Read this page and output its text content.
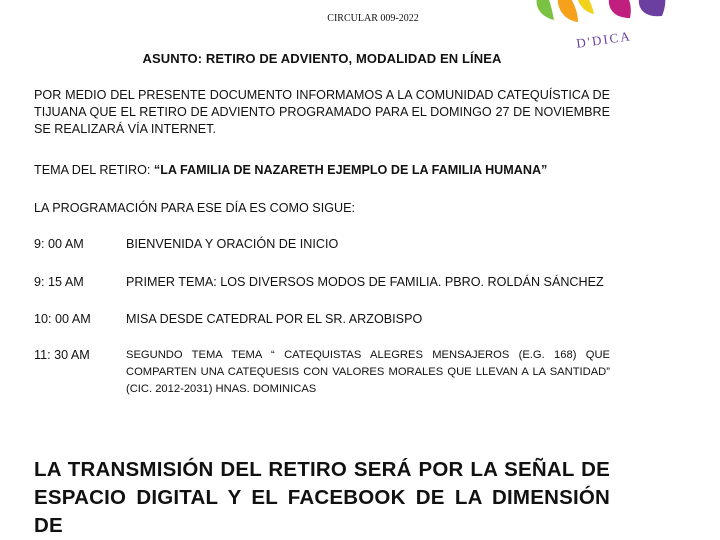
CIRCULAR 009-2022
D'DICA
ASUNTO: RETIRO DE ADVIENTO, MODALIDAD EN LÍNEA
POR MEDIO DEL PRESENTE DOCUMENTO INFORMAMOS A LA COMUNIDAD CATEQUÍSTICA DE TIJUANA QUE EL RETIRO DE ADVIENTO PROGRAMADO PARA EL DOMINGO 27 DE NOVIEMBRE SE REALIZARÁ VÍA INTERNET.
TEMA DEL RETIRO: “LA FAMILIA DE NAZARETH EJEMPLO DE LA FAMILIA HUMANA”
LA PROGRAMACIÓN PARA ESE DÍA ES COMO SIGUE:
9: 00 AM	BIENVENIDA Y ORACIÓN DE INICIO
9: 15 AM	PRIMER TEMA: LOS DIVERSOS MODOS DE FAMILIA. PBRO. ROLDÁN SÁNCHEZ
10: 00 AM	MISA DESDE CATEDRAL POR EL SR. ARZOBISPO
11: 30 AM	SEGUNDO TEMA TEMA “ CATEQUISTAS ALEGRES MENSAJEROS (E.G. 168) QUE COMPARTEN UNA CATEQUESIS CON VALORES MORALES QUE LLEVAN A LA SANTIDAD” (CIC. 2012-2031) HNAS. DOMINICAS
LA TRANSMISIÓN DEL RETIRO SERÁ POR LA SEÑAL DE ESPACIO DIGITAL Y EL FACEBOOK DE LA DIMENSIÓN DE
